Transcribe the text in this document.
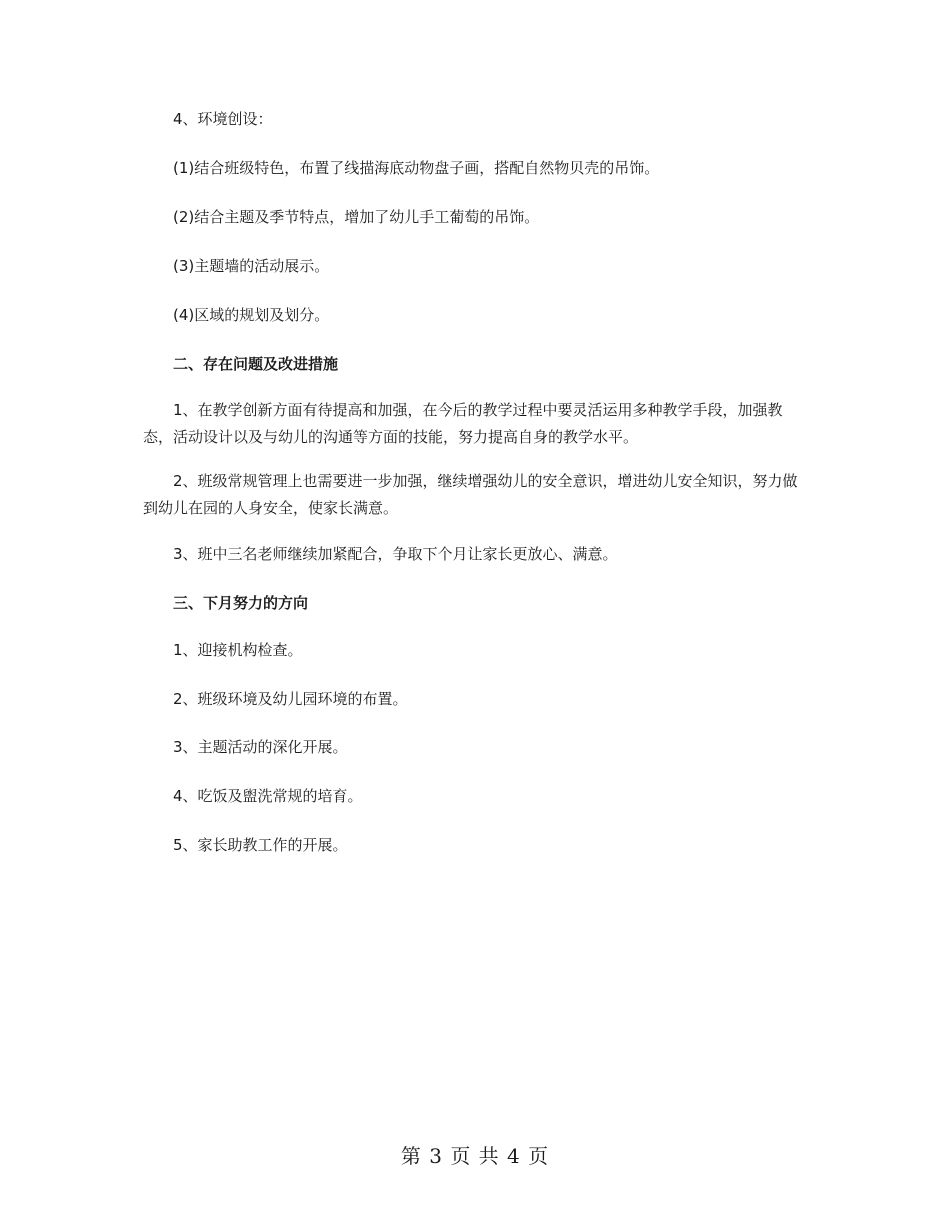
4、环境创设：

(1)结合班级特色，布置了线描海底动物盘子画，搭配自然物贝壳的吊饰。

(2)结合主题及季节特点，增加了幼儿手工葡萄的吊饰。

(3)主题墙的活动展示。

(4)区域的规划及划分。

二、存在问题及改进措施

1、在教学创新方面有待提高和加强，在今后的教学过程中要灵活运用多种教学手段，加强教态，活动设计以及与幼儿的沟通等方面的技能，努力提高自身的教学水平。

2、班级常规管理上也需要进一步加强，继续增强幼儿的安全意识，增进幼儿安全知识，努力做到幼儿在园的人身安全，使家长满意。

3、班中三名老师继续加紧配合，争取下个月让家长更放心、满意。

三、下月努力的方向

1、迎接机构检查。

2、班级环境及幼儿园环境的布置。

3、主题活动的深化开展。

4、吃饭及盥洗常规的培育。

5、家长助教工作的开展。

第 3 页 共 4 页
